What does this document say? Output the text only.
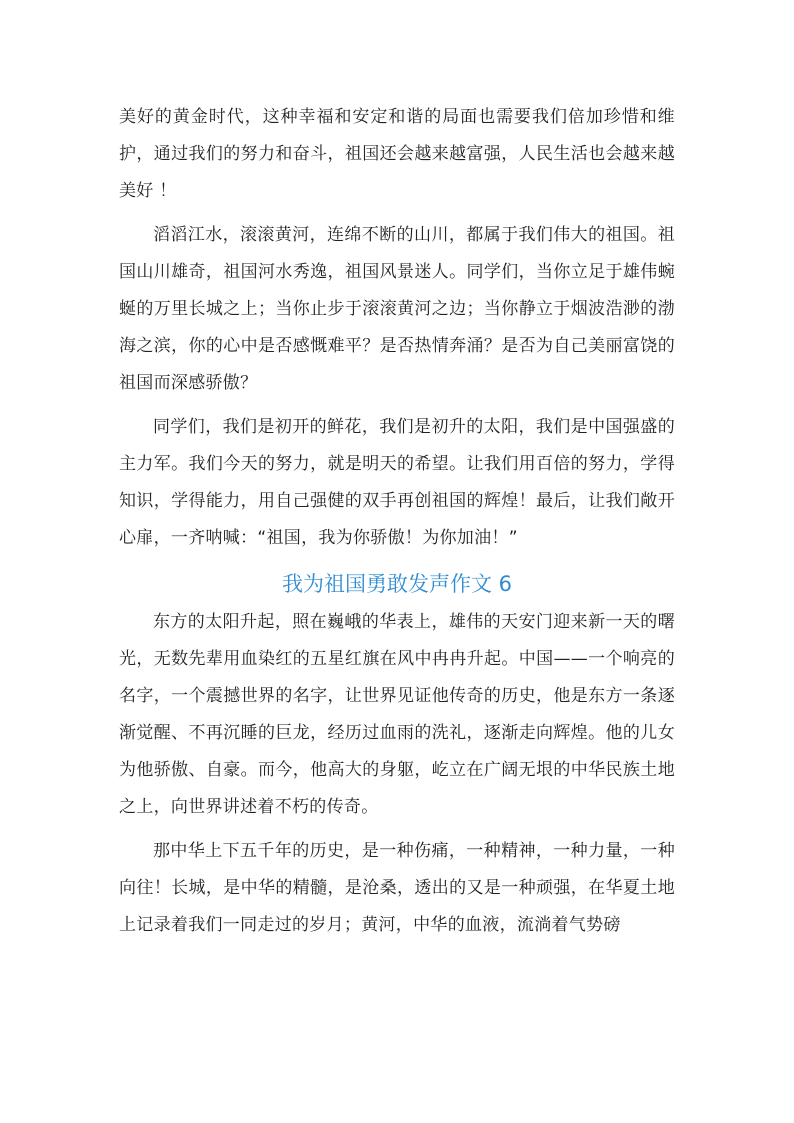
美好的黄金时代，这种幸福和安定和谐的局面也需要我们倍加珍惜和维护，通过我们的努力和奋斗，祖国还会越来越富强，人民生活也会越来越美好 ！

滔滔江水，滚滚黄河，连绵不断的山川，都属于我们伟大的祖国。祖国山川雄奇，祖国河水秀逸，祖国风景迷人。同学们，当你立足于雄伟蜿蜒的万里长城之上；当你止步于滚滚黄河之边；当你静立于烟波浩渺的渤海之滨，你的心中是否感慨难平？是否热情奔涌？是否为自己美丽富饶的祖国而深感骄傲？

同学们，我们是初开的鲜花，我们是初升的太阳，我们是中国强盛的主力军。我们今天的努力，就是明天的希望。让我们用百倍的努力，学得知识，学得能力，用自己强健的双手再创祖国的辉煌！最后，让我们敞开心扉，一齐呐喊：“祖国，我为你骄傲！为你加油！”

我为祖国勇敢发声作文 6

东方的太阳升起，照在巍峨的华表上，雄伟的天安门迎来新一天的曙光，无数先辈用血染红的五星红旗在风中冉冉升起。中国——一个响亮的名字，一个震撼世界的名字，让世界见证他传奇的历史，他是东方一条逐渐觉醒、不再沉睡的巨龙，经历过血雨的洗礼，逐渐走向辉煌。他的儿女为他骄傲、自豪。而今，他高大的身躯，屹立在广阔无垠的中华民族土地之上，向世界讲述着不朽的传奇。

那中华上下五千年的历史，是一种伤痛，一种精神，一种力量，一种向往！长城，是中华的精髓，是沧桑，透出的又是一种顽强，在华夏土地上记录着我们一同走过的岁月；黄河，中华的血液，流淌着气势磅
